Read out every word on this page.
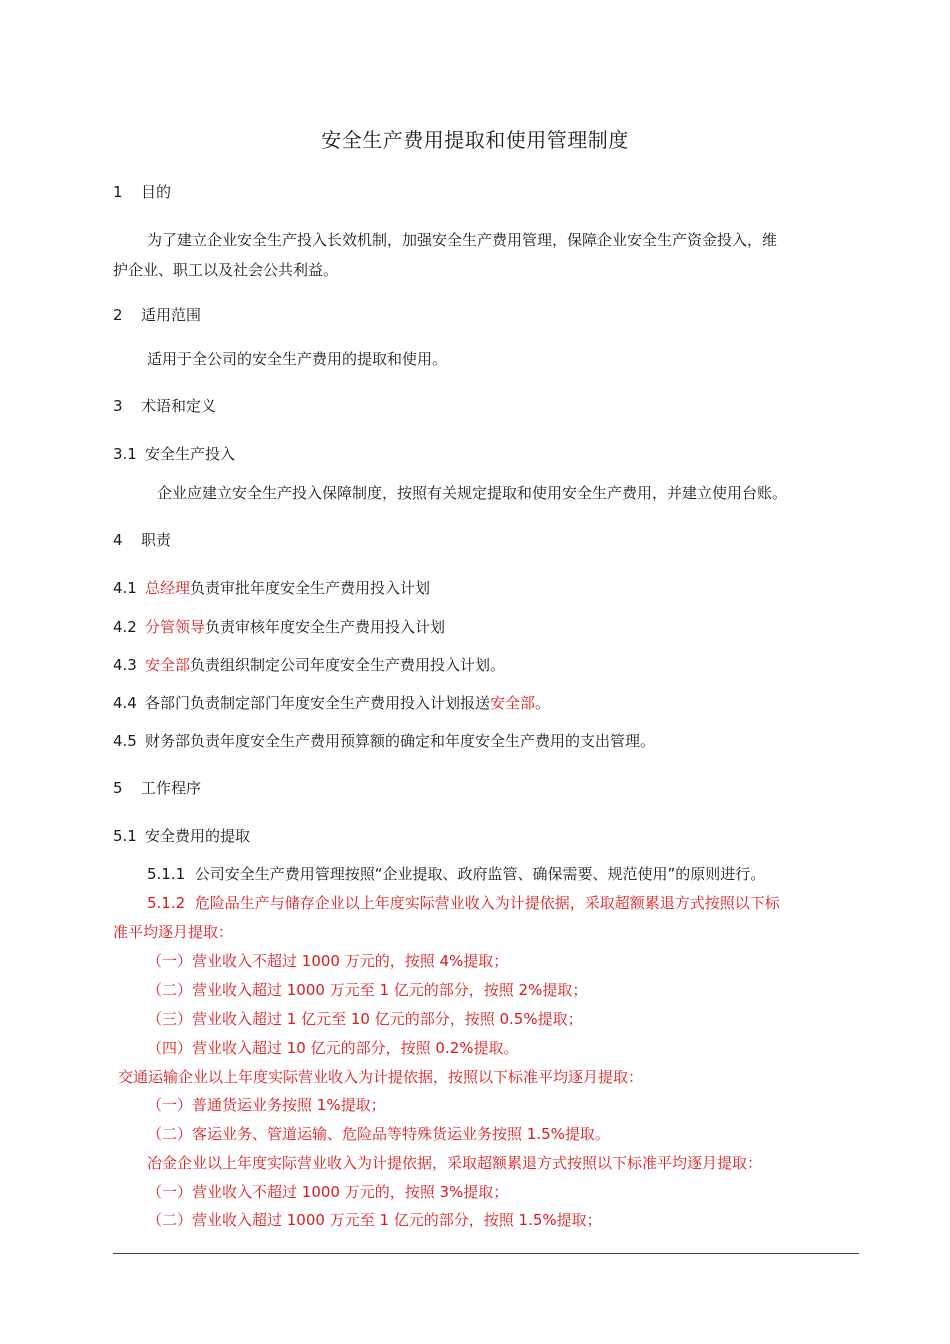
安全生产费用提取和使用管理制度
1 目的
为了建立企业安全生产投入长效机制，加强安全生产费用管理，保障企业安全生产资金投入，维
护企业、职工以及社会公共利益。
2 适用范围
适用于全公司的安全生产费用的提取和使用。
3 术语和定义
3.1 安全生产投入
企业应建立安全生产投入保障制度，按照有关规定提取和使用安全生产费用，并建立使用台账。
4 职责
4.1 总经理负责审批年度安全生产费用投入计划
4.2 分管领导负责审核年度安全生产费用投入计划
4.3 安全部负责组织制定公司年度安全生产费用投入计划。
4.4 各部门负责制定部门年度安全生产费用投入计划报送安全部。
4.5 财务部负责年度安全生产费用预算额的确定和年度安全生产费用的支出管理。
5 工作程序
5.1 安全费用的提取
5.1.1 公司安全生产费用管理按照“企业提取、政府监管、确保需要、规范使用”的原则进行。
5.1.2 危险品生产与储存企业以上年度实际营业收入为计提依据，采取超额累退方式按照以下标
准平均逐月提取：
（一）营业收入不超过 1000 万元的，按照 4%提取；
（二）营业收入超过 1000 万元至 1 亿元的部分，按照 2%提取；
（三）营业收入超过 1 亿元至 10 亿元的部分，按照 0.5%提取；
（四）营业收入超过 10 亿元的部分，按照 0.2%提取。
交通运输企业以上年度实际营业收入为计提依据，按照以下标准平均逐月提取：
（一）普通货运业务按照 1%提取；
（二）客运业务、管道运输、危险品等特殊货运业务按照 1.5%提取。
冶金企业以上年度实际营业收入为计提依据，采取超额累退方式按照以下标准平均逐月提取：
（一）营业收入不超过 1000 万元的，按照 3%提取；
（二）营业收入超过 1000 万元至 1 亿元的部分，按照 1.5%提取；
